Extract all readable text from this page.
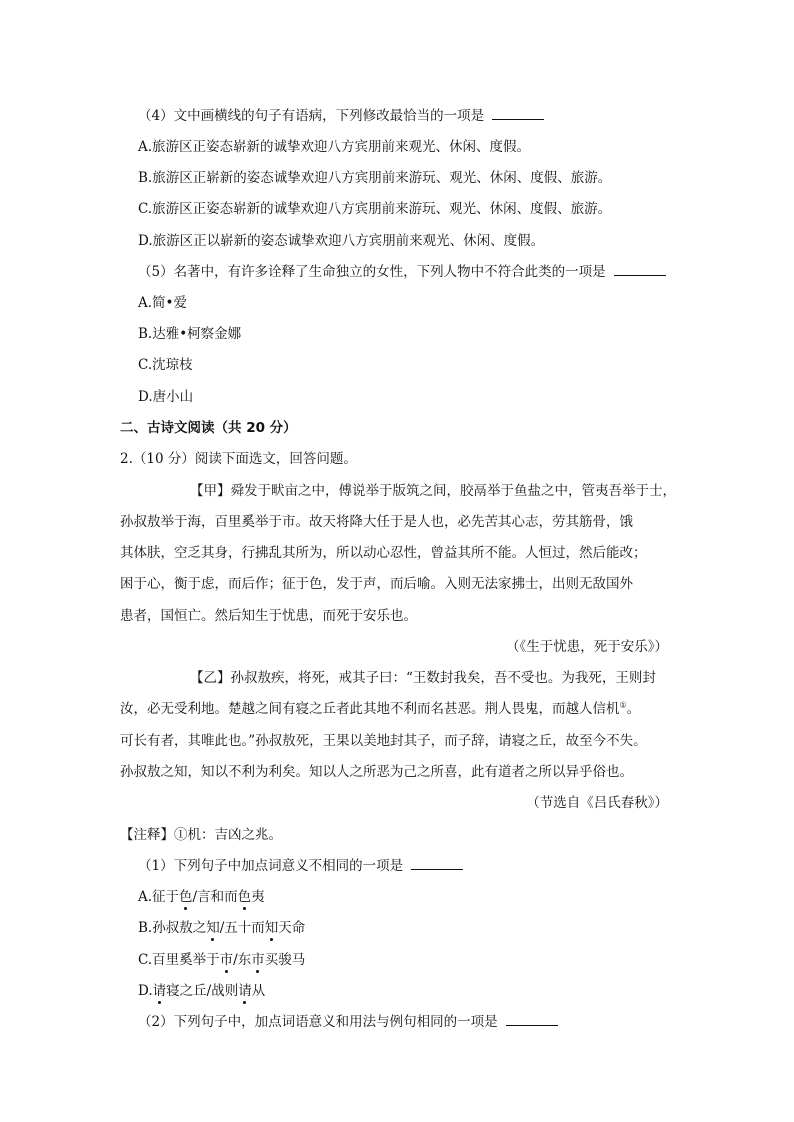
（4）文中画横线的句子有语病，下列修改最恰当的一项是
A.旅游区正姿态崭新的诚挚欢迎八方宾朋前来观光、休闲、度假。
B.旅游区正崭新的姿态诚挚欢迎八方宾朋前来游玩、观光、休闲、度假、旅游。
C.旅游区正姿态崭新的诚挚欢迎八方宾朋前来游玩、观光、休闲、度假、旅游。
D.旅游区正以崭新的姿态诚挚欢迎八方宾朋前来观光、休闲、度假。
（5）名著中，有许多诠释了生命独立的女性，下列人物中不符合此类的一项是
A.简•爱
B.达雅•柯察金娜
C.沈琼枝
D.唐小山
二、古诗文阅读（共 20 分）
2.（10 分）阅读下面选文，回答问题。
【甲】舜发于畎亩之中，傅说举于版筑之间，胶鬲举于鱼盐之中，管夷吾举于士，
孙叔敖举于海，百里奚举于市。故天将降大任于是人也，必先苦其心志，劳其筋骨，饿
其体肤，空乏其身，行拂乱其所为，所以动心忍性，曾益其所不能。人恒过，然后能改；
困于心，衡于虑，而后作；征于色，发于声，而后喻。入则无法家拂士，出则无敌国外
患者，国恒亡。然后知生于忧患，而死于安乐也。
（《生于忧患，死于安乐》）
【乙】孙叔敖疾，将死，戒其子曰：“王数封我矣，吾不受也。为我死，王则封
汝，必无受利地。楚越之间有寝之丘者此其地不利而名甚恶。荆人畏鬼，而越人信机①。
可长有者，其唯此也。”孙叔敖死，王果以美地封其子，而子辞，请寝之丘，故至今不失。
孙叔敖之知，知以不利为利矣。知以人之所恶为己之所喜，此有道者之所以异乎俗也。
（节选自《吕氏春秋》）
【注释】①机：吉凶之兆。
（1）下列句子中加点词意义不相同的一项是
A.征于色/言和而色夷
B.孙叔敖之知/五十而知天命
C.百里奚举于市/东市买骏马
D.请寝之丘/战则请从
（2）下列句子中，加点词语意义和用法与例句相同的一项是
